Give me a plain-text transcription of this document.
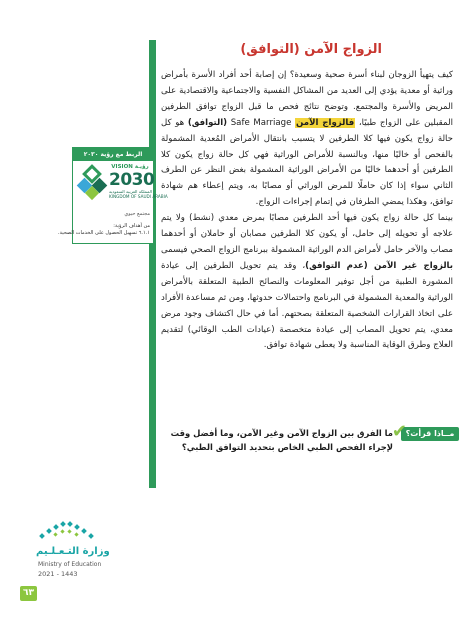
الزواج الآمن (التوافق)

كيف يتهيأ الزوجان لبناء أسرة صحية وسعيدة؟ إن إصابة أحد أفراد الأسرة بأمراض وراثية أو معدية يؤدي إلى العديد من المشاكل النفسية والاجتماعية والاقتصادية على المريض والأسرة والمجتمع. وتوضح نتائج فحص ما قبل الزواج توافق الطرفين المقبلين على الزواج طبيًا، فالزواج الآمن Safe Marriage (التوافق) هو كل حالة زواج يكون فيها كلا الطرفين لا يتسبب بانتقال الأمراض المُعدية المشمولة بالفحص أو خاليًا منها، وبالنسبة للأمراض الوراثية فهي كل حالة زواج يكون كلا الطرفين أو أحدهما خاليًا من الأمراض الوراثية المشمولة بغض النظر عن الطرف الثاني سواء إذا كان حاملًا للمرض الوراثي أو مصابًا به، ويتم إعطاء هم شهادة توافق، وهكذا يمضي الطرفان في إتمام إجراءات الزواج.

بينما كل حالة زواج يكون فيها أحد الطرفين مصابًا بمرض معدي (نشط) ولا يتم علاجه أو تحويله إلى حامل، أو يكون كلا الطرفين مصابان أو حاملان أو أحدهما مصاب والآخر حامل لأمراض الدم الوراثية المشمولة ببرنامج الزواج الصحي فيسمى بالزواج غير الآمن (عدم التوافق)، وقد يتم تحويل الطرفين إلى عيادة المشورة الطبية من أجل توفير المعلومات والنصائح الطبية المتعلقة بالأمراض الوراثية والمعدية المشمولة في البرنامج واحتمالات حدوثها، ومن ثم مساعدة الأفراد على اتخاذ القرارات الشخصية المتعلقة بصحتهم. أما في حال اكتشاف وجود مرض معدي، يتم تحويل المصاب إلى عيادة متخصصة (عيادات الطب الوقائي) لتقديم العلاج وطرق الوقاية المناسبة ولا يعطى شهادة توافق.

الربط مع رؤية ٢٠٣٠
VISION رؤيـة
2030
المملكة العربية السعودية
KINGDOM OF SAUDI ARABIA
مجتمع حيوي
من أهداف الرؤية:
٦.١.١ تسهيل الحصول على الخدمات الصحية.
مــاذا قرأت؟
✔
ما الفرق بين الزواج الآمن وغير الآمن، وما أفضل وقت لإجراء الفحص الطبي الخاص بتحديد التوافق الطبي؟
وزارة التـعـلـيم
Ministry of Education
2021 - 1443
٦٣
